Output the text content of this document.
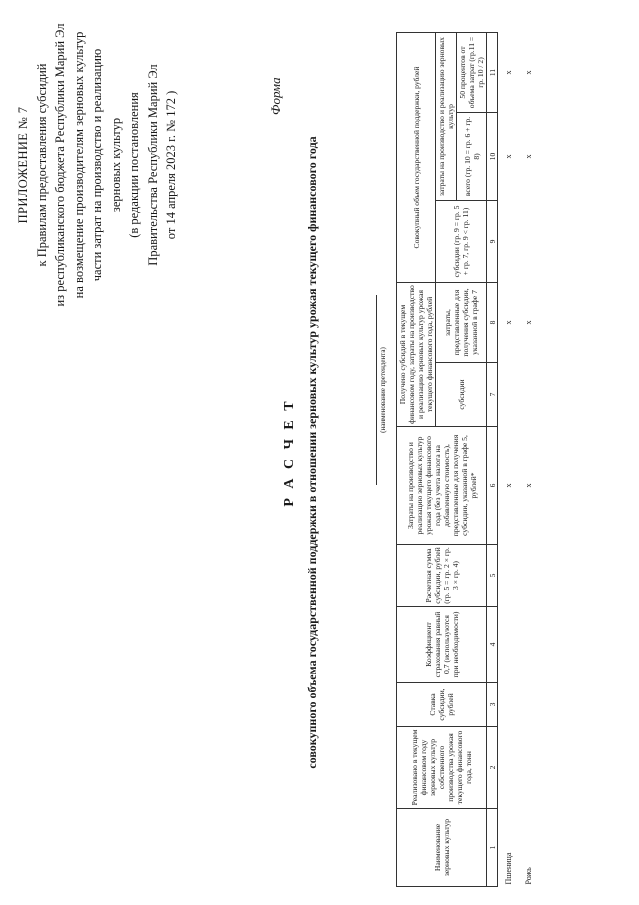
ПРИЛОЖЕНИЕ № 7 к Правилам предоставления субсидий из республиканского бюджета Республики Марий Эл на возмещение производителям зерновых культур части затрат на производство и реализацию зерновых культур (в редакции постановления Правительства Республики Марий Эл от 14 апреля 2023 г. № 172 )	Форма
Р А С Ч Е Т совокупного объема государственной поддержки в отношении зерновых культур урожая текущего финансового года	(наименование претендента)
Наименование зерновых культур	Реализовано в текущем финансовом году зерновых культур собственного производства урожая текущего финансового года, тонн	Ставка субсидии, рублей	Коэффициент страхования равный 0,7 (используются при необходимости)	Расчетная сумма субсидии, рублей (гр. 5 = гр. 2 × гр. 3 × гр. 4)	Затраты на производство и реализацию зерновых культур урожая текущего финансового года (без учета налога на добавленную стоимость), представленные для получения субсидии, указанной в графе 5, рублей*	Получено субсидий в текущем финансовом году, затраты на производство и реализацию зерновых культур урожая текущего финансового года, рублей		Совокупный объем государственной поддержки, рублей		
						субсидии	затраты, представленные для получения субсидии, указанной в графе 7	субсидии (гр. 9 = гр. 5 + гр. 7, гр. 9 < гр. 11)	затраты на производство и реализацию зерновых культур	
									всего (гр. 10 = гр. 6 + гр. 8)	50 процентов от объема затрат (гр.11 = гр. 10 / 2)
1	2	3	4	5	6	7	8	9	10	11
Пшеница					x		x		x	x
Рожь					x		x		x	x
